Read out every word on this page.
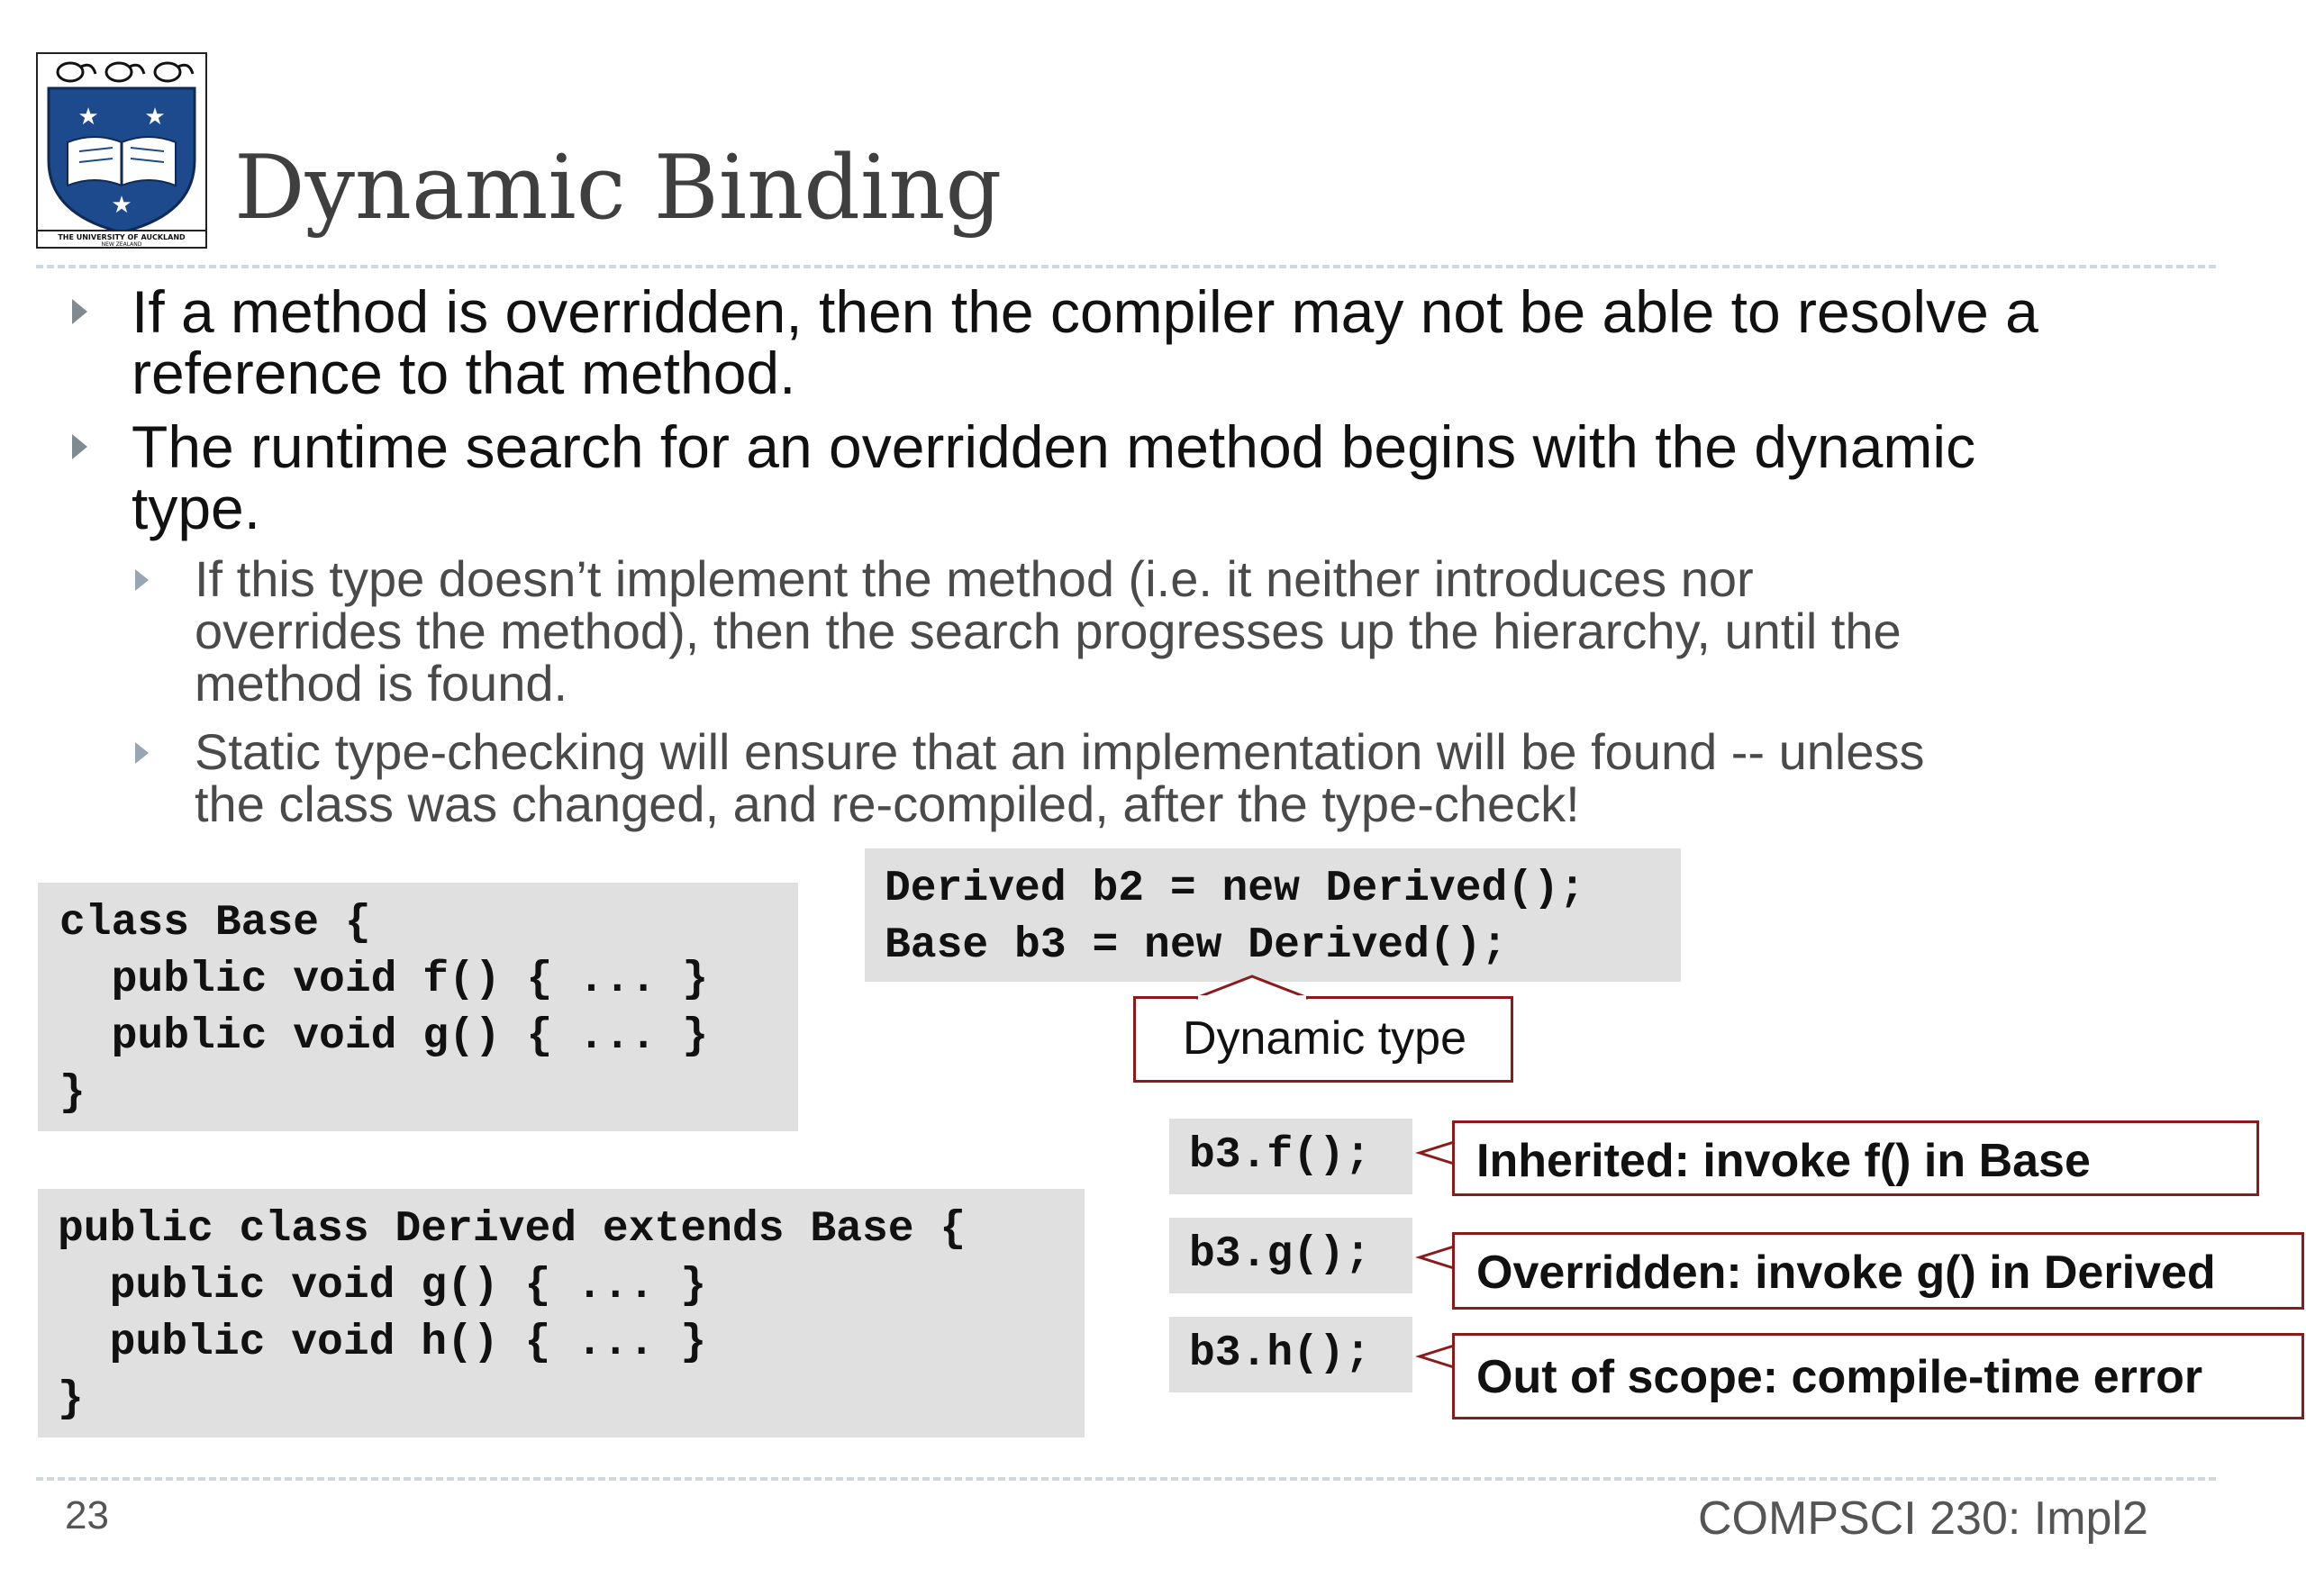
★ ★
★
THE UNIVERSITY OF AUCKLAND
NEW ZEALAND
Dynamic Binding
If a method is overridden, then the compiler may not be able to resolve a
reference to that method.
The runtime search for an overridden method begins with the dynamic
type.
If this type doesn’t implement the method (i.e. it neither introduces nor
overrides the method), then the search progresses up the hierarchy, until the
method is found.
Static type-checking will ensure that an implementation will be found -- unless
the class was changed, and re-compiled, after the type-check!
Derived b2 = new Derived();
Base b3 = new Derived();
class Base {
public void f() { ... }
public void g() { ... }
}
public class Derived extends Base {
public void g() { ... }
public void h() { ... }
}
Dynamic type
b3.f();
b3.g();
b3.h();
Inherited: invoke f() in Base
Overridden: invoke g() in Derived
Out of scope: compile-time error
23	COMPSCI 230: Impl2
